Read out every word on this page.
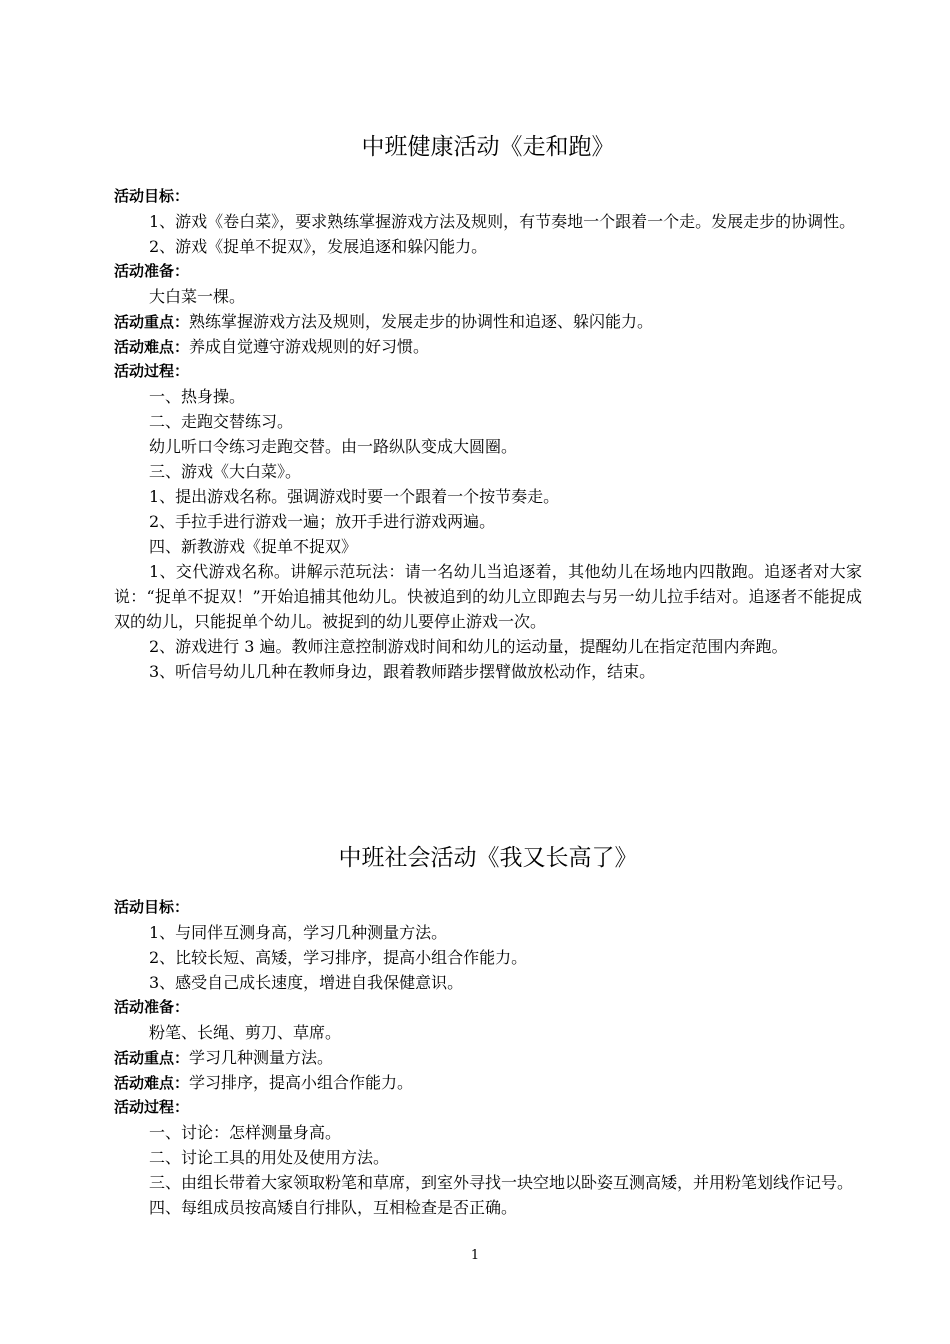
中班健康活动《走和跑》
活动目标：
1、游戏《卷白菜》，要求熟练掌握游戏方法及规则，有节奏地一个跟着一个走。发展走步的协调性。
2、游戏《捉单不捉双》，发展追逐和躲闪能力。
活动准备：
大白菜一棵。
活动重点：熟练掌握游戏方法及规则，发展走步的协调性和追逐、躲闪能力。
活动难点：养成自觉遵守游戏规则的好习惯。
活动过程：
一、热身操。
二、走跑交替练习。
幼儿听口令练习走跑交替。由一路纵队变成大圆圈。
三、游戏《大白菜》。
1、提出游戏名称。强调游戏时要一个跟着一个按节奏走。
2、手拉手进行游戏一遍；放开手进行游戏两遍。
四、新教游戏《捉单不捉双》
1、交代游戏名称。讲解示范玩法：请一名幼儿当追逐着，其他幼儿在场地内四散跑。追逐者对大家说：“捉单不捉双！”开始追捕其他幼儿。快被追到的幼儿立即跑去与另一幼儿拉手结对。追逐者不能捉成双的幼儿，只能捉单个幼儿。被捉到的幼儿要停止游戏一次。
2、游戏进行 3 遍。教师注意控制游戏时间和幼儿的运动量，提醒幼儿在指定范围内奔跑。
3、听信号幼儿几种在教师身边，跟着教师踏步摆臂做放松动作，结束。
中班社会活动《我又长高了》
活动目标：
1、与同伴互测身高，学习几种测量方法。
2、比较长短、高矮，学习排序，提高小组合作能力。
3、感受自己成长速度，增进自我保健意识。
活动准备：
粉笔、长绳、剪刀、草席。
活动重点：学习几种测量方法。
活动难点：学习排序，提高小组合作能力。
活动过程：
一、讨论：怎样测量身高。
二、讨论工具的用处及使用方法。
三、由组长带着大家领取粉笔和草席，到室外寻找一块空地以卧姿互测高矮，并用粉笔划线作记号。
四、每组成员按高矮自行排队，互相检查是否正确。
1
